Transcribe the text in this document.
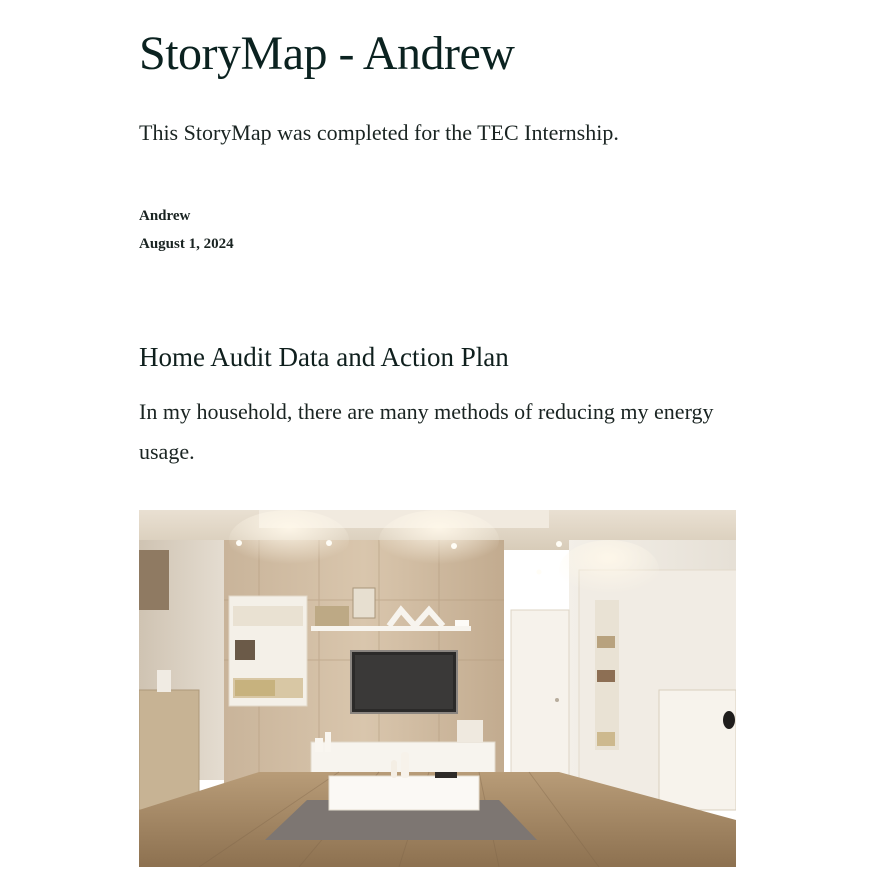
StoryMap - Andrew

This StoryMap was completed for the TEC Internship.

Andrew
August 1, 2024
Home Audit Data and Action Plan

In my household, there are many methods of reducing my energy usage.
